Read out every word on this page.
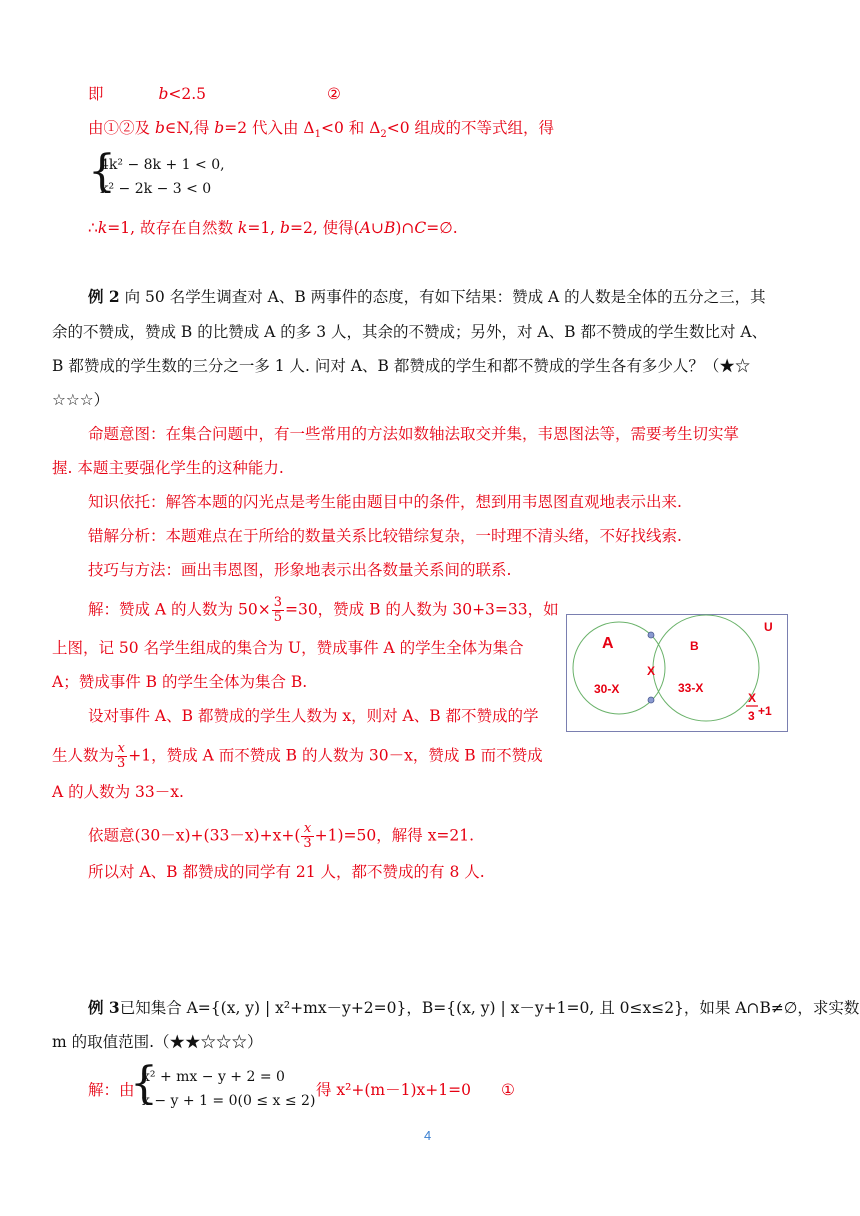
即	b<2.5	②
由①②及 b∈N,得 b=2 代入由 $\Delta_1<0$ 和 $\Delta_2<0$ 组成的不等式组，得
{
4k² − 8k + 1 < 0,
k² − 2k − 3 < 0
∴k=1, 故存在自然数 k=1, b=2, 使得(A∪B)∩C=∅.
例 2 向 50 名学生调查对 A、B 两事件的态度，有如下结果：赞成 A 的人数是全体的五分之三，其
余的不赞成，赞成 B 的比赞成 A 的多 3 人，其余的不赞成；另外，对 A、B 都不赞成的学生数比对 A、
B 都赞成的学生数的三分之一多 1 人. 问对 A、B 都赞成的学生和都不赞成的学生各有多少人？（★☆
☆☆☆）
命题意图：在集合问题中，有一些常用的方法如数轴法取交并集，韦恩图法等，需要考生切实掌
握. 本题主要强化学生的这种能力.
知识依托：解答本题的闪光点是考生能由题目中的条件，想到用韦恩图直观地表示出来.
错解分析：本题难点在于所给的数量关系比较错综复杂，一时理不清头绪，不好找线索.
技巧与方法：画出韦恩图，形象地表示出各数量关系间的联系.
解：赞成 A 的人数为 $50\times \frac{3}{5} =30$，赞成 B 的人数为 30+3=33，如
上图，记 50 名学生组成的集合为 U，赞成事件 A 的学生全体为集合
A；赞成事件 B 的学生全体为集合 B.
设对事件 A、B 都赞成的学生人数为 x，则对 A、B 都不赞成的学
生人数为 $\frac{x}{3} +1$，赞成 A 而不赞成 B 的人数为 30－x，赞成 B 而不赞成
A 的人数为 33－x.
依题意$(30-x)+(33-x)+x+( \frac{x}{3} +1)=50$，解得 x=21.
所以对 A、B 都赞成的同学有 21 人，都不赞成的有 8 人.
U
A	B
X
30-X	33-X
X
3 +1
例 3已知集合 A={(x, y) | x²+mx－y+2=0}，B={(x, y) | x－y+1=0, 且 0≤x≤2}，如果 A∩B≠∅，求实数
m 的取值范围.（★★☆☆☆）
解：由
{
x² + mx − y + 2 = 0
x − y + 1 = 0(0 ≤ x ≤ 2)
得 x²+(m－1)x+1=0 ①
4
